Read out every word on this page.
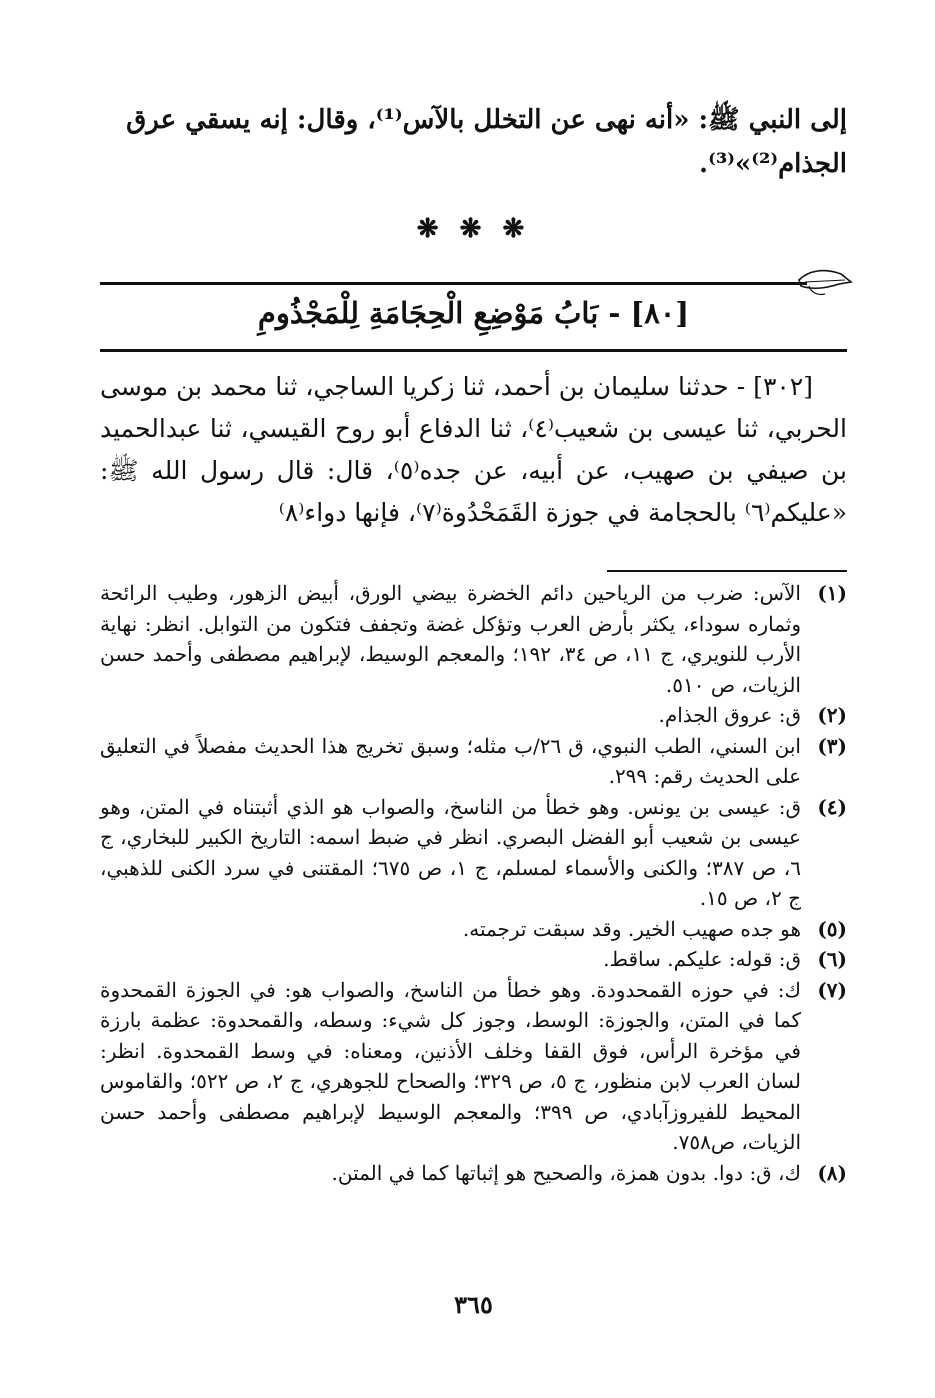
إلى النبي ﷺ: «أنه نهى عن التخلل بالآس⁽¹⁾، وقال: إنه يسقي عرق
الجذام⁽²⁾»⁽³⁾.
❋ ❋ ❋
[٨٠] - بَابُ مَوْضِعِ الْحِجَامَةِ لِلْمَجْذُومِ

[٣٠٢] - حدثنا سليمان بن أحمد، ثنا زكريا الساجي، ثنا محمد بن موسى الحربي، ثنا عيسى بن شعيب⁽٤⁾، ثنا الدفاع أبو روح القيسي، ثنا عبدالحميد بن صيفي بن صهيب، عن أبيه، عن جده⁽٥⁾، قال: قال رسول الله ﷺ: «عليكم⁽٦⁾ بالحجامة في جوزة القَمَحْدُوة⁽٧⁾، فإنها دواء⁽٨⁾

(١)
الآس: ضرب من الرياحين دائم الخضرة بيضي الورق، أبيض الزهور، وطيب الرائحة وثماره سوداء، يكثر بأرض العرب وتؤكل غضة وتجفف فتكون من التوابل. انظر: نهاية الأرب للنويري، ج ١١، ص ٣٤، ١٩٢؛ والمعجم الوسيط، لإبراهيم مصطفى وأحمد حسن الزيات، ص ٥١٠.
(٢)
ق: عروق الجذام.
(٣)
ابن السني، الطب النبوي، ق ٢٦/ب مثله؛ وسبق تخريج هذا الحديث مفصلاً في التعليق على الحديث رقم: ٢٩٩.
(٤)
ق: عيسى بن يونس. وهو خطأ من الناسخ، والصواب هو الذي أثبتناه في المتن، وهو عيسى بن شعيب أبو الفضل البصري. انظر في ضبط اسمه: التاريخ الكبير للبخاري، ج ٦، ص ٣٨٧؛ والكنى والأسماء لمسلم، ج ١، ص ٦٧٥؛ المقتنى في سرد الكنى للذهبي، ج ٢، ص ١٥.
(٥)
هو جده صهيب الخير. وقد سبقت ترجمته.
(٦)
ق: قوله: عليكم. ساقط.
(٧)
ك: في حوزه القمحدودة. وهو خطأ من الناسخ، والصواب هو: في الجوزة القمحدوة كما في المتن، والجوزة: الوسط، وجوز كل شيء: وسطه، والقمحدوة: عظمة بارزة في مؤخرة الرأس، فوق القفا وخلف الأذنين، ومعناه: في وسط القمحدوة. انظر: لسان العرب لابن منظور، ج ٥، ص ٣٢٩؛ والصحاح للجوهري، ج ٢، ص ٥٢٢؛ والقاموس المحيط للفيروزآبادي، ص ٣٩٩؛ والمعجم الوسيط لإبراهيم مصطفى وأحمد حسن الزيات، ص٧٥٨.
(٨)
ك، ق: دوا. بدون همزة، والصحيح هو إثباتها كما في المتن.
٣٦٥
